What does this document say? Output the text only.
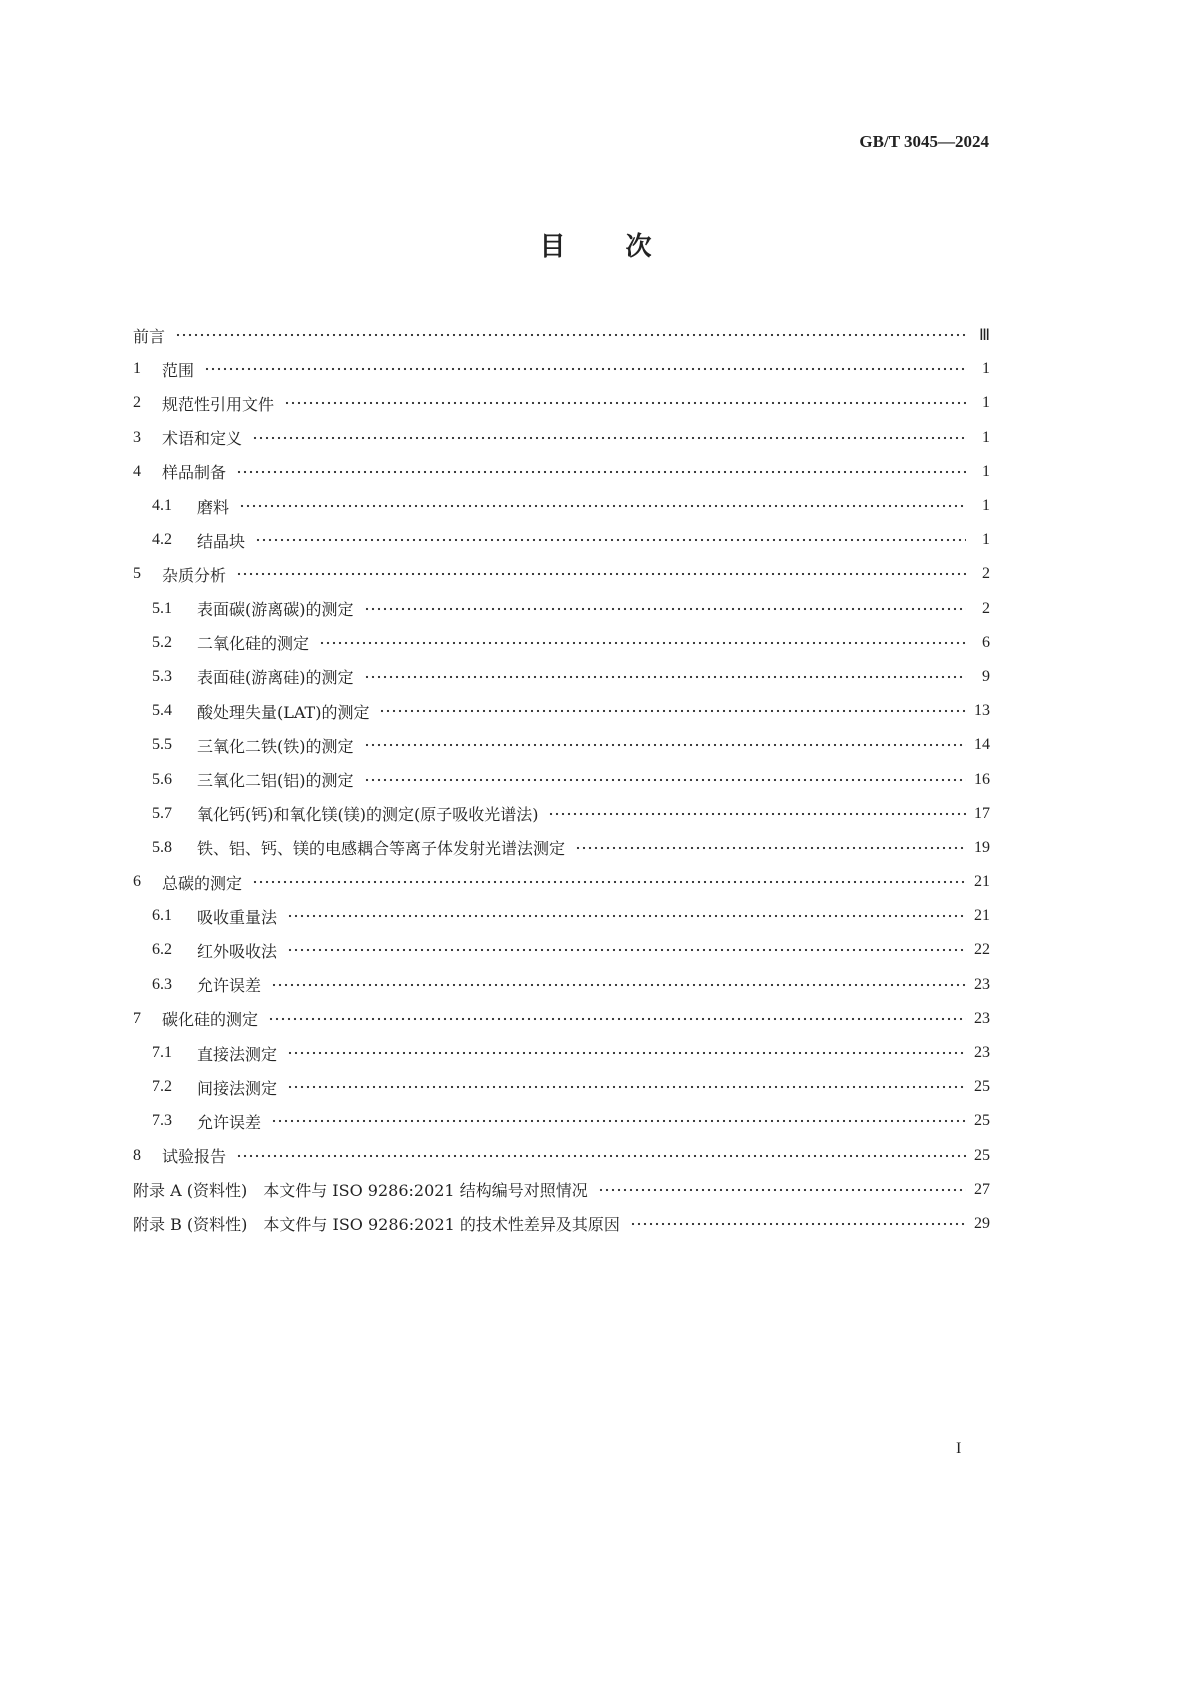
GB/T 3045—2024
目次
前言	Ⅲ
1	范围	1
2	规范性引用文件	1
3	术语和定义	1
4	样品制备	1
4.1	磨料	1
4.2	结晶块	1
5	杂质分析	2
5.1	表面碳(游离碳)的测定	2
5.2	二氧化硅的测定	6
5.3	表面硅(游离硅)的测定	9
5.4	酸处理失量(LAT)的测定	13
5.5	三氧化二铁(铁)的测定	14
5.6	三氧化二铝(铝)的测定	16
5.7	氧化钙(钙)和氧化镁(镁)的测定(原子吸收光谱法)	17
5.8	铁、铝、钙、镁的电感耦合等离子体发射光谱法测定	19
6	总碳的测定	21
6.1	吸收重量法	21
6.2	红外吸收法	22
6.3	允许误差	23
7	碳化硅的测定	23
7.1	直接法测定	23
7.2	间接法测定	25
7.3	允许误差	25
8	试验报告	25
附录 A (资料性)　本文件与 ISO 9286:2021 结构编号对照情况	27
附录 B (资料性)　本文件与 ISO 9286:2021 的技术性差异及其原因	29
I
